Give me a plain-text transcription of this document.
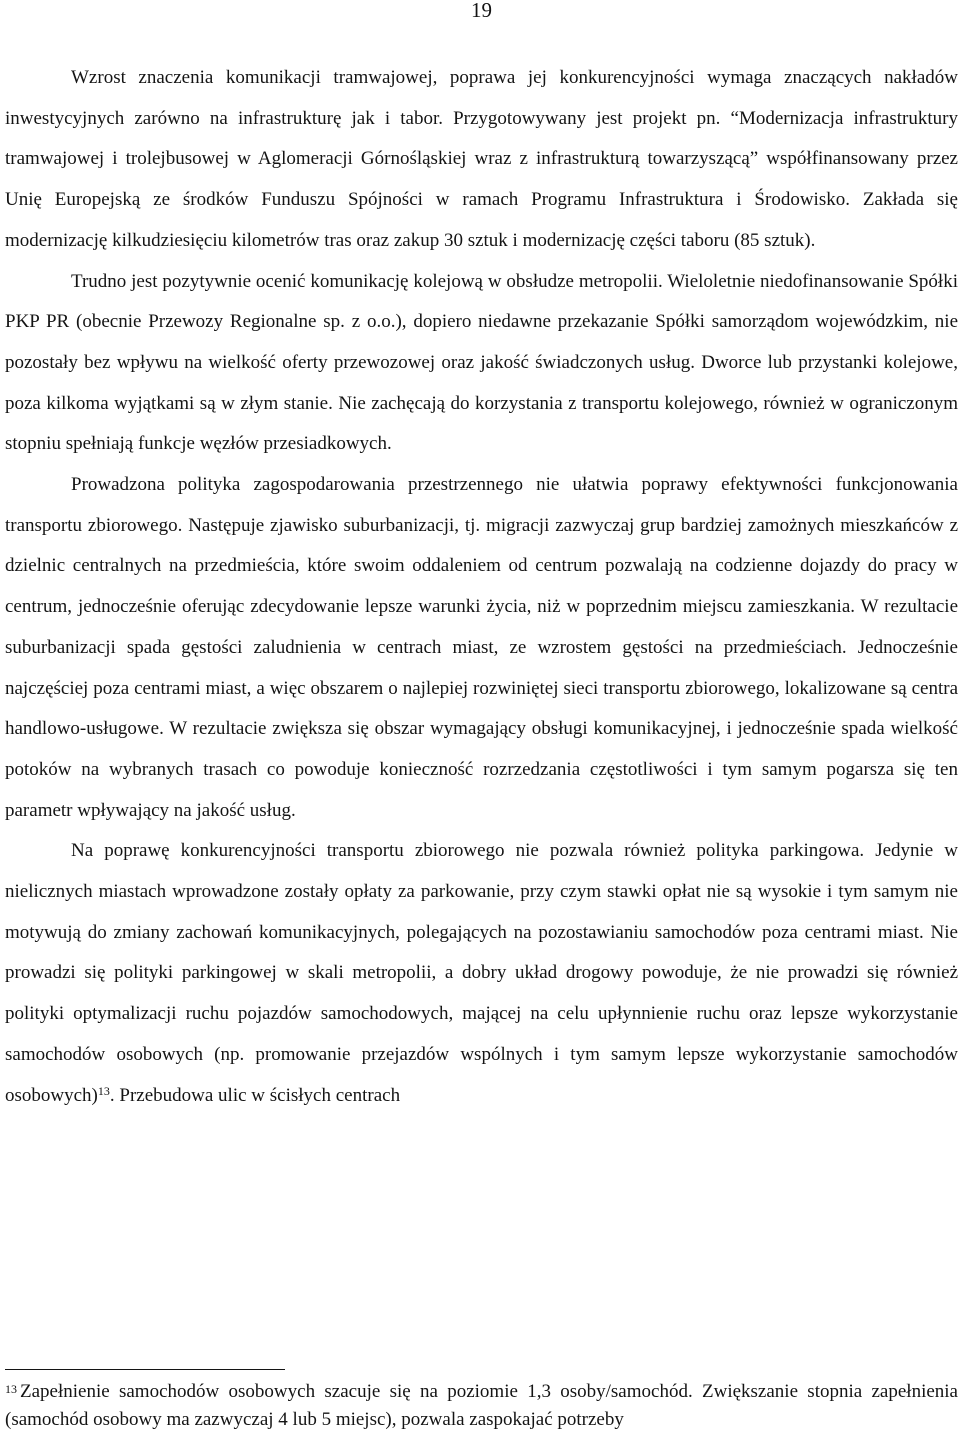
19

Wzrost znaczenia komunikacji tramwajowej, poprawa jej konkurencyjności wymaga znaczących nakładów inwestycyjnych zarówno na infrastrukturę jak i tabor. Przygotowywany jest projekt pn. “Modernizacja infrastruktury tramwajowej i trolejbusowej w Aglomeracji Górnośląskiej wraz z infrastrukturą towarzyszącą” współfinansowany przez Unię Europejską ze środków Funduszu Spójności w ramach Programu Infrastruktura i Środowisko. Zakłada się modernizację kilkudziesięciu kilometrów tras oraz zakup 30 sztuk i modernizację części taboru (85 sztuk).

Trudno jest pozytywnie ocenić komunikację kolejową w obsłudze metropolii. Wieloletnie niedofinansowanie Spółki PKP PR (obecnie Przewozy Regionalne sp. z o.o.), dopiero niedawne przekazanie Spółki samorządom wojewódzkim, nie pozostały bez wpływu na wielkość oferty przewozowej oraz jakość świadczonych usług. Dworce lub przystanki kolejowe, poza kilkoma wyjątkami są w złym stanie. Nie zachęcają do korzystania z transportu kolejowego, również w ograniczonym stopniu spełniają funkcje węzłów przesiadkowych.

Prowadzona polityka zagospodarowania przestrzennego nie ułatwia poprawy efektywności funkcjonowania transportu zbiorowego. Następuje zjawisko suburbanizacji, tj. migracji zazwyczaj grup bardziej zamożnych mieszkańców z dzielnic centralnych na przedmieścia, które swoim oddaleniem od centrum pozwalają na codzienne dojazdy do pracy w centrum, jednocześnie oferując zdecydowanie lepsze warunki życia, niż w poprzednim miejscu zamieszkania. W rezultacie suburbanizacji spada gęstości zaludnienia w centrach miast, ze wzrostem gęstości na przedmieściach. Jednocześnie najczęściej poza centrami miast, a więc obszarem o najlepiej rozwiniętej sieci transportu zbiorowego, lokalizowane są centra handlowo-usługowe. W rezultacie zwiększa się obszar wymagający obsługi komunikacyjnej, i jednocześnie spada wielkość potoków na wybranych trasach co powoduje konieczność rozrzedzania częstotliwości i tym samym pogarsza się ten parametr wpływający na jakość usług.

Na poprawę konkurencyjności transportu zbiorowego nie pozwala również polityka parkingowa. Jedynie w nielicznych miastach wprowadzone zostały opłaty za parkowanie, przy czym stawki opłat nie są wysokie i tym samym nie motywują do zmiany zachowań komunikacyjnych, polegających na pozostawianiu samochodów poza centrami miast. Nie prowadzi się polityki parkingowej w skali metropolii, a dobry układ drogowy powoduje, że nie prowadzi się również polityki optymalizacji ruchu pojazdów samochodowych, mającej na celu upłynnienie ruchu oraz lepsze wykorzystanie samochodów osobowych (np. promowanie przejazdów wspólnych i tym samym lepsze wykorzystanie samochodów osobowych)$^{13}$. Przebudowa ulic w ścisłych centrach

$^{13}$ Zapełnienie samochodów osobowych szacuje się na poziomie 1,3 osoby/samochód. Zwiększanie stopnia zapełnienia (samochód osobowy ma zazwyczaj 4 lub 5 miejsc), pozwala zaspokajać potrzeby
